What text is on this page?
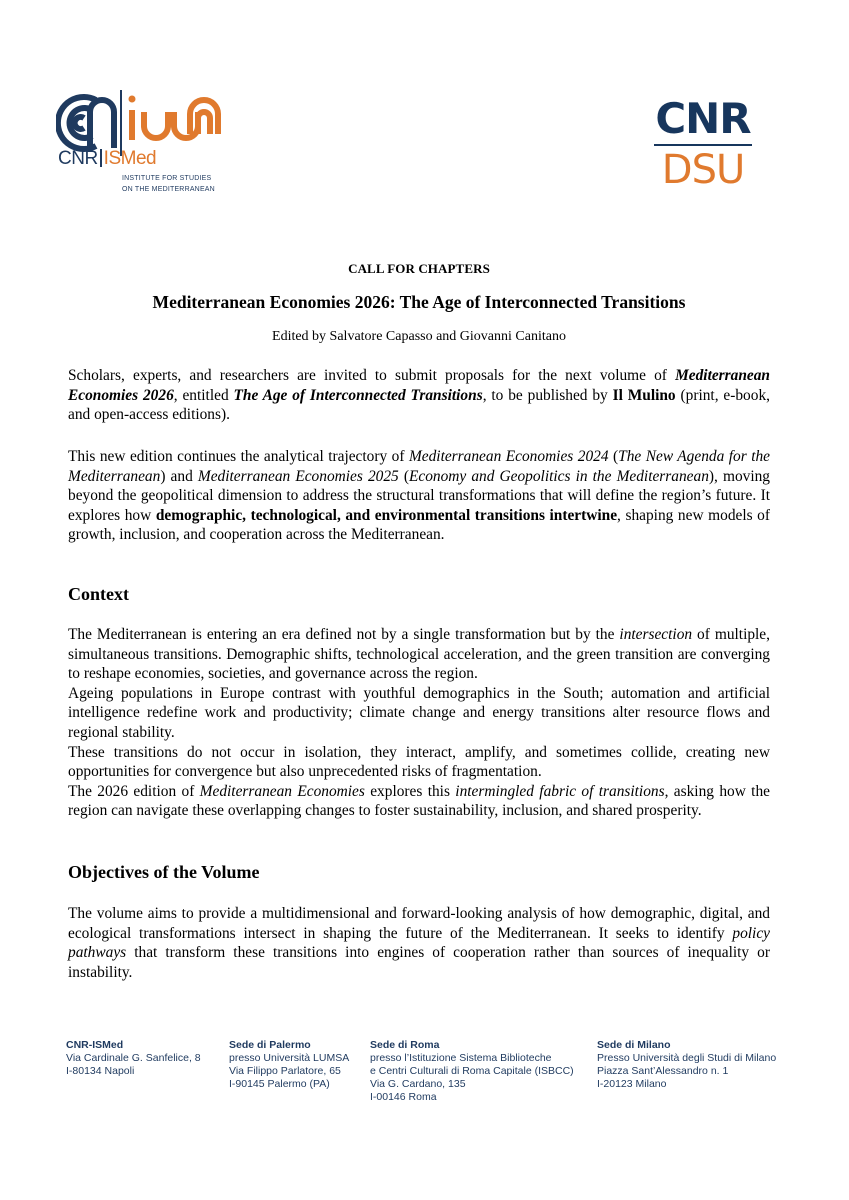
CNR ISMed
INSTITUTE FOR STUDIES
ON THE MEDITERRANEAN
CNR
DSU
CALL FOR CHAPTERS
Mediterranean Economies 2026: The Age of Interconnected Transitions
Edited by Salvatore Capasso and Giovanni Canitano

Scholars, experts, and researchers are invited to submit proposals for the next volume of Mediterranean Economies 2026, entitled The Age of Interconnected Transitions, to be published by Il Mulino (print, e-book, and open-access editions).

This new edition continues the analytical trajectory of Mediterranean Economies 2024 (The New Agenda for the Mediterranean) and Mediterranean Economies 2025 (Economy and Geopolitics in the Mediterranean), moving beyond the geopolitical dimension to address the structural transformations that will define the region’s future. It explores how demographic, technological, and environmental transitions intertwine, shaping new models of growth, inclusion, and cooperation across the Mediterranean.

Context
The Mediterranean is entering an era defined not by a single transformation but by the intersection of multiple, simultaneous transitions. Demographic shifts, technological acceleration, and the green transition are converging to reshape economies, societies, and governance across the region.
Ageing populations in Europe contrast with youthful demographics in the South; automation and artificial intelligence redefine work and productivity; climate change and energy transitions alter resource flows and regional stability.
These transitions do not occur in isolation, they interact, amplify, and sometimes collide, creating new opportunities for convergence but also unprecedented risks of fragmentation.
The 2026 edition of Mediterranean Economies explores this intermingled fabric of transitions, asking how the region can navigate these overlapping changes to foster sustainability, inclusion, and shared prosperity.
Objectives of the Volume

The volume aims to provide a multidimensional and forward-looking analysis of how demographic, digital, and ecological transformations intersect in shaping the future of the Mediterranean. It seeks to identify policy pathways that transform these transitions into engines of cooperation rather than sources of inequality or instability.

CNR-ISMed
Via Cardinale G. Sanfelice, 8
I-80134 Napoli
Sede di Palermo
presso Università LUMSA
Via Filippo Parlatore, 65
I-90145 Palermo (PA)
Sede di Roma
presso l’Istituzione Sistema Biblioteche
e Centri Culturali di Roma Capitale (ISBCC)
Via G. Cardano, 135
I-00146 Roma
Sede di Milano
Presso Università degli Studi di Milano
Piazza Sant’Alessandro n. 1
I-20123 Milano
